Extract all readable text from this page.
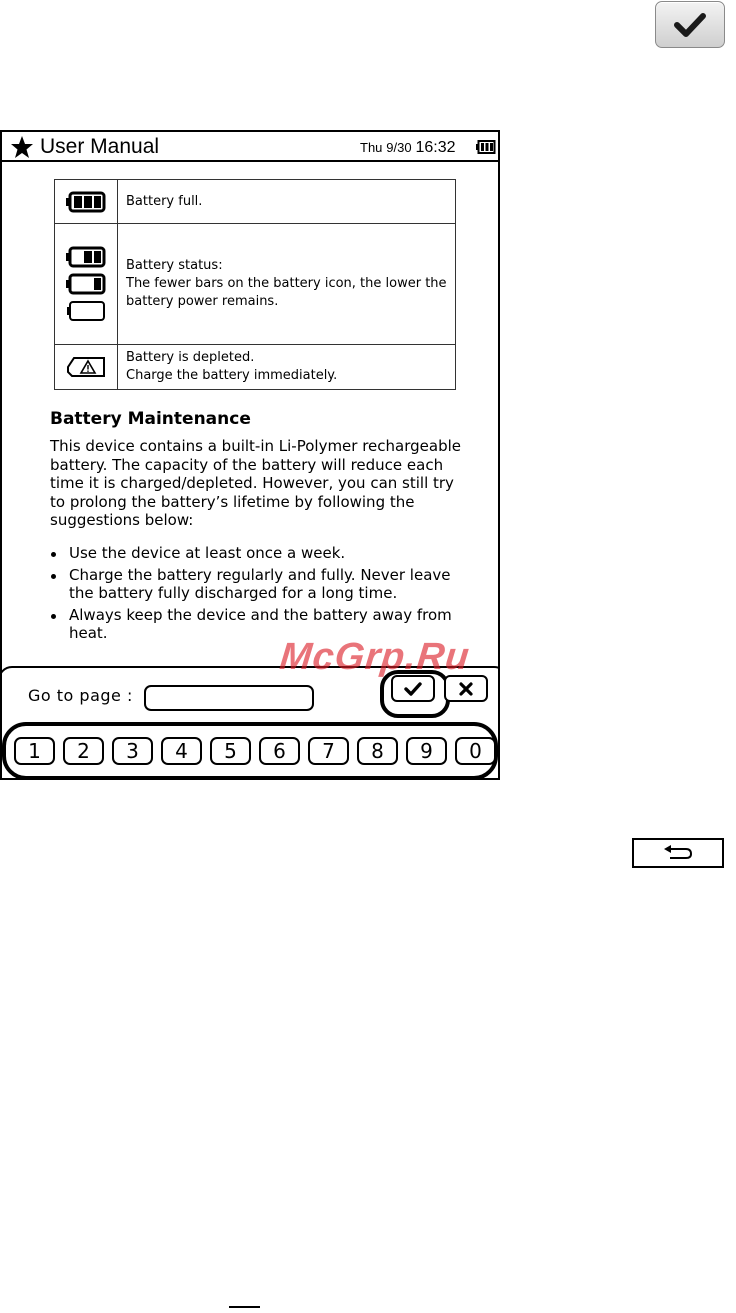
User Manual	Thu 9/30 16:32
	Battery full.

Battery status:
The fewer bars on the battery icon, the lower the battery power remains.

Battery is depleted.
Charge the battery immediately.
Battery Maintenance
This device contains a built-in Li-Polymer rechargeable battery. The capacity of the battery will reduce each time it is charged/depleted. However, you can still try to prolong the battery’s lifetime by following the suggestions below:
Use the device at least once a week.
Charge the battery regularly and fully. Never leave the battery fully discharged for a long time.
Always keep the device and the battery away from heat.
Go to page :
1	2	3	4	5	6	7	8	9	0
McGrp.Ru
